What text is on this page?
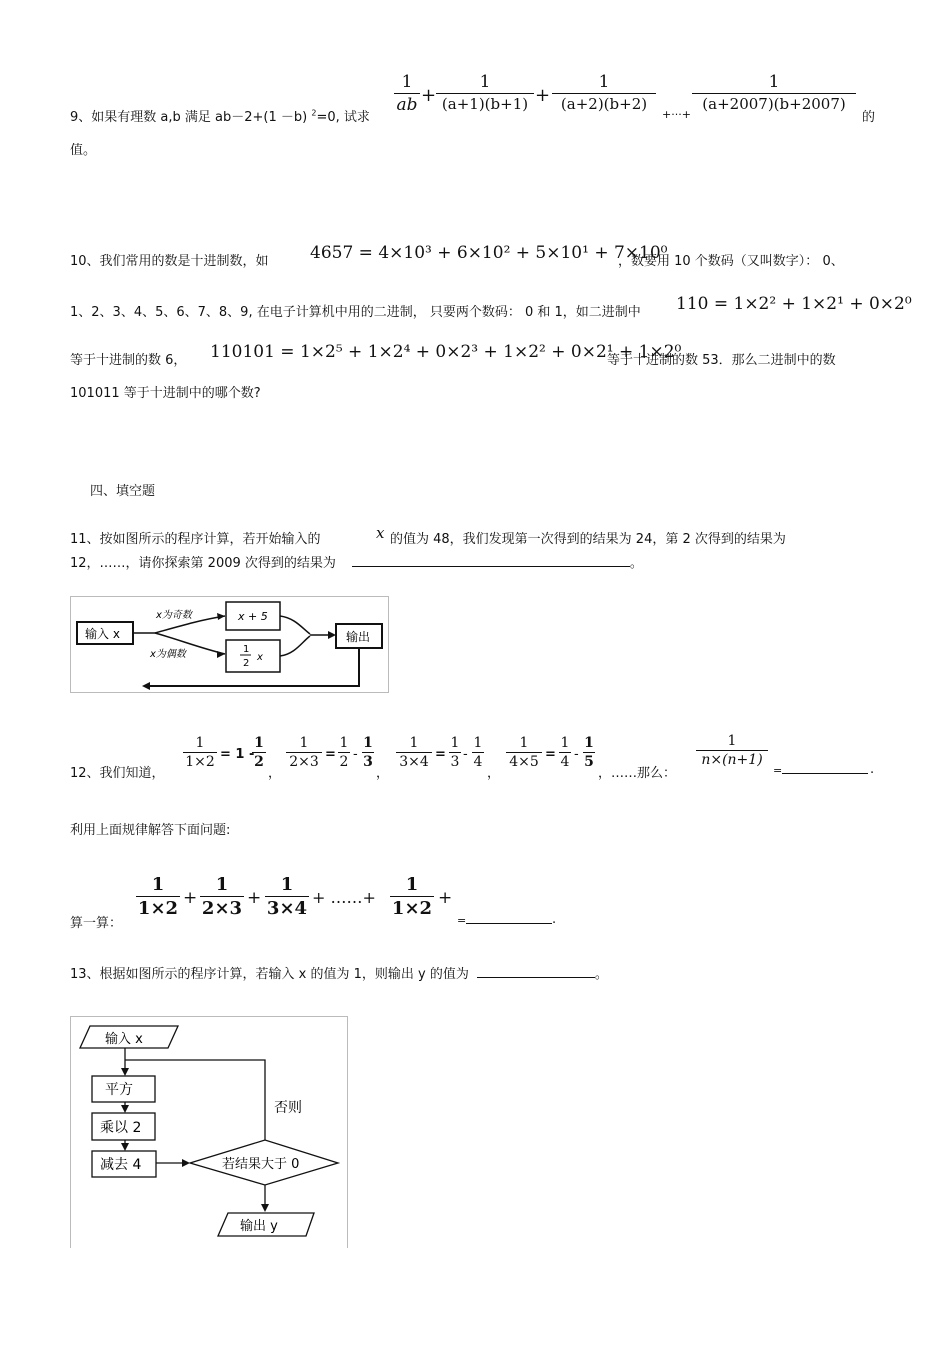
9、如果有理数 a,b 满足 ab－2+(1 －b) $^2$=0, 试求
1
ab +
1
(a+1)(b+1) +
1
(a+2)(b+2)
+···+
1
(a+2007)(b+2007)
的
值。
10、我们常用的数是十进制数，如 4657 = 4×10³ + 6×10² + 5×10¹ + 7×10⁰
，数要用 10 个数码（又叫数字）： 0、
1、2、3、4、5、6、7、8、9, 在电子计算机中用的二进制， 只要两个数码： 0 和 1，如二进制中 110 = 1×2² + 1×2¹ + 0×2⁰
等于十进制的数 6， 110101 = 1×2⁵ + 1×2⁴ + 0×2³ + 1×2² + 0×2¹ + 1×2⁰
等于十进制的数 53．那么二进制中的数
101011 等于十进制中的哪个数?
四、填空题
11、按如图所示的程序计算，若开始输入的	x 的值为 48，我们发现第一次得到的结果为 24，第 2 次得到的结果为
12，……，请你探索第 2009 次得到的结果为	。
输入 x
x为奇数
x为偶数
x + 5
1
2
x
输出
12、我们知道，
1
1×2 = 1 -
1
2
，
1
2×3 =
1
2 -
1
3
，
1
3×4 =
1
3 -
1
4
，
1
4×5 =
1
4 -
1
5
，……那么：
1
n×(n+1)
=	.
利用上面规律解答下面问题:
算一算：
1
1×2 +
1
2×3 +
1
3×4
+ ……+
1
1×2 +
=	.
13、根据如图所示的程序计算，若输入 x 的值为 1，则输出 y 的值为	。
输入 x
平方
乘以 2
减去 4	若结果大于 0
否则
输出 y
